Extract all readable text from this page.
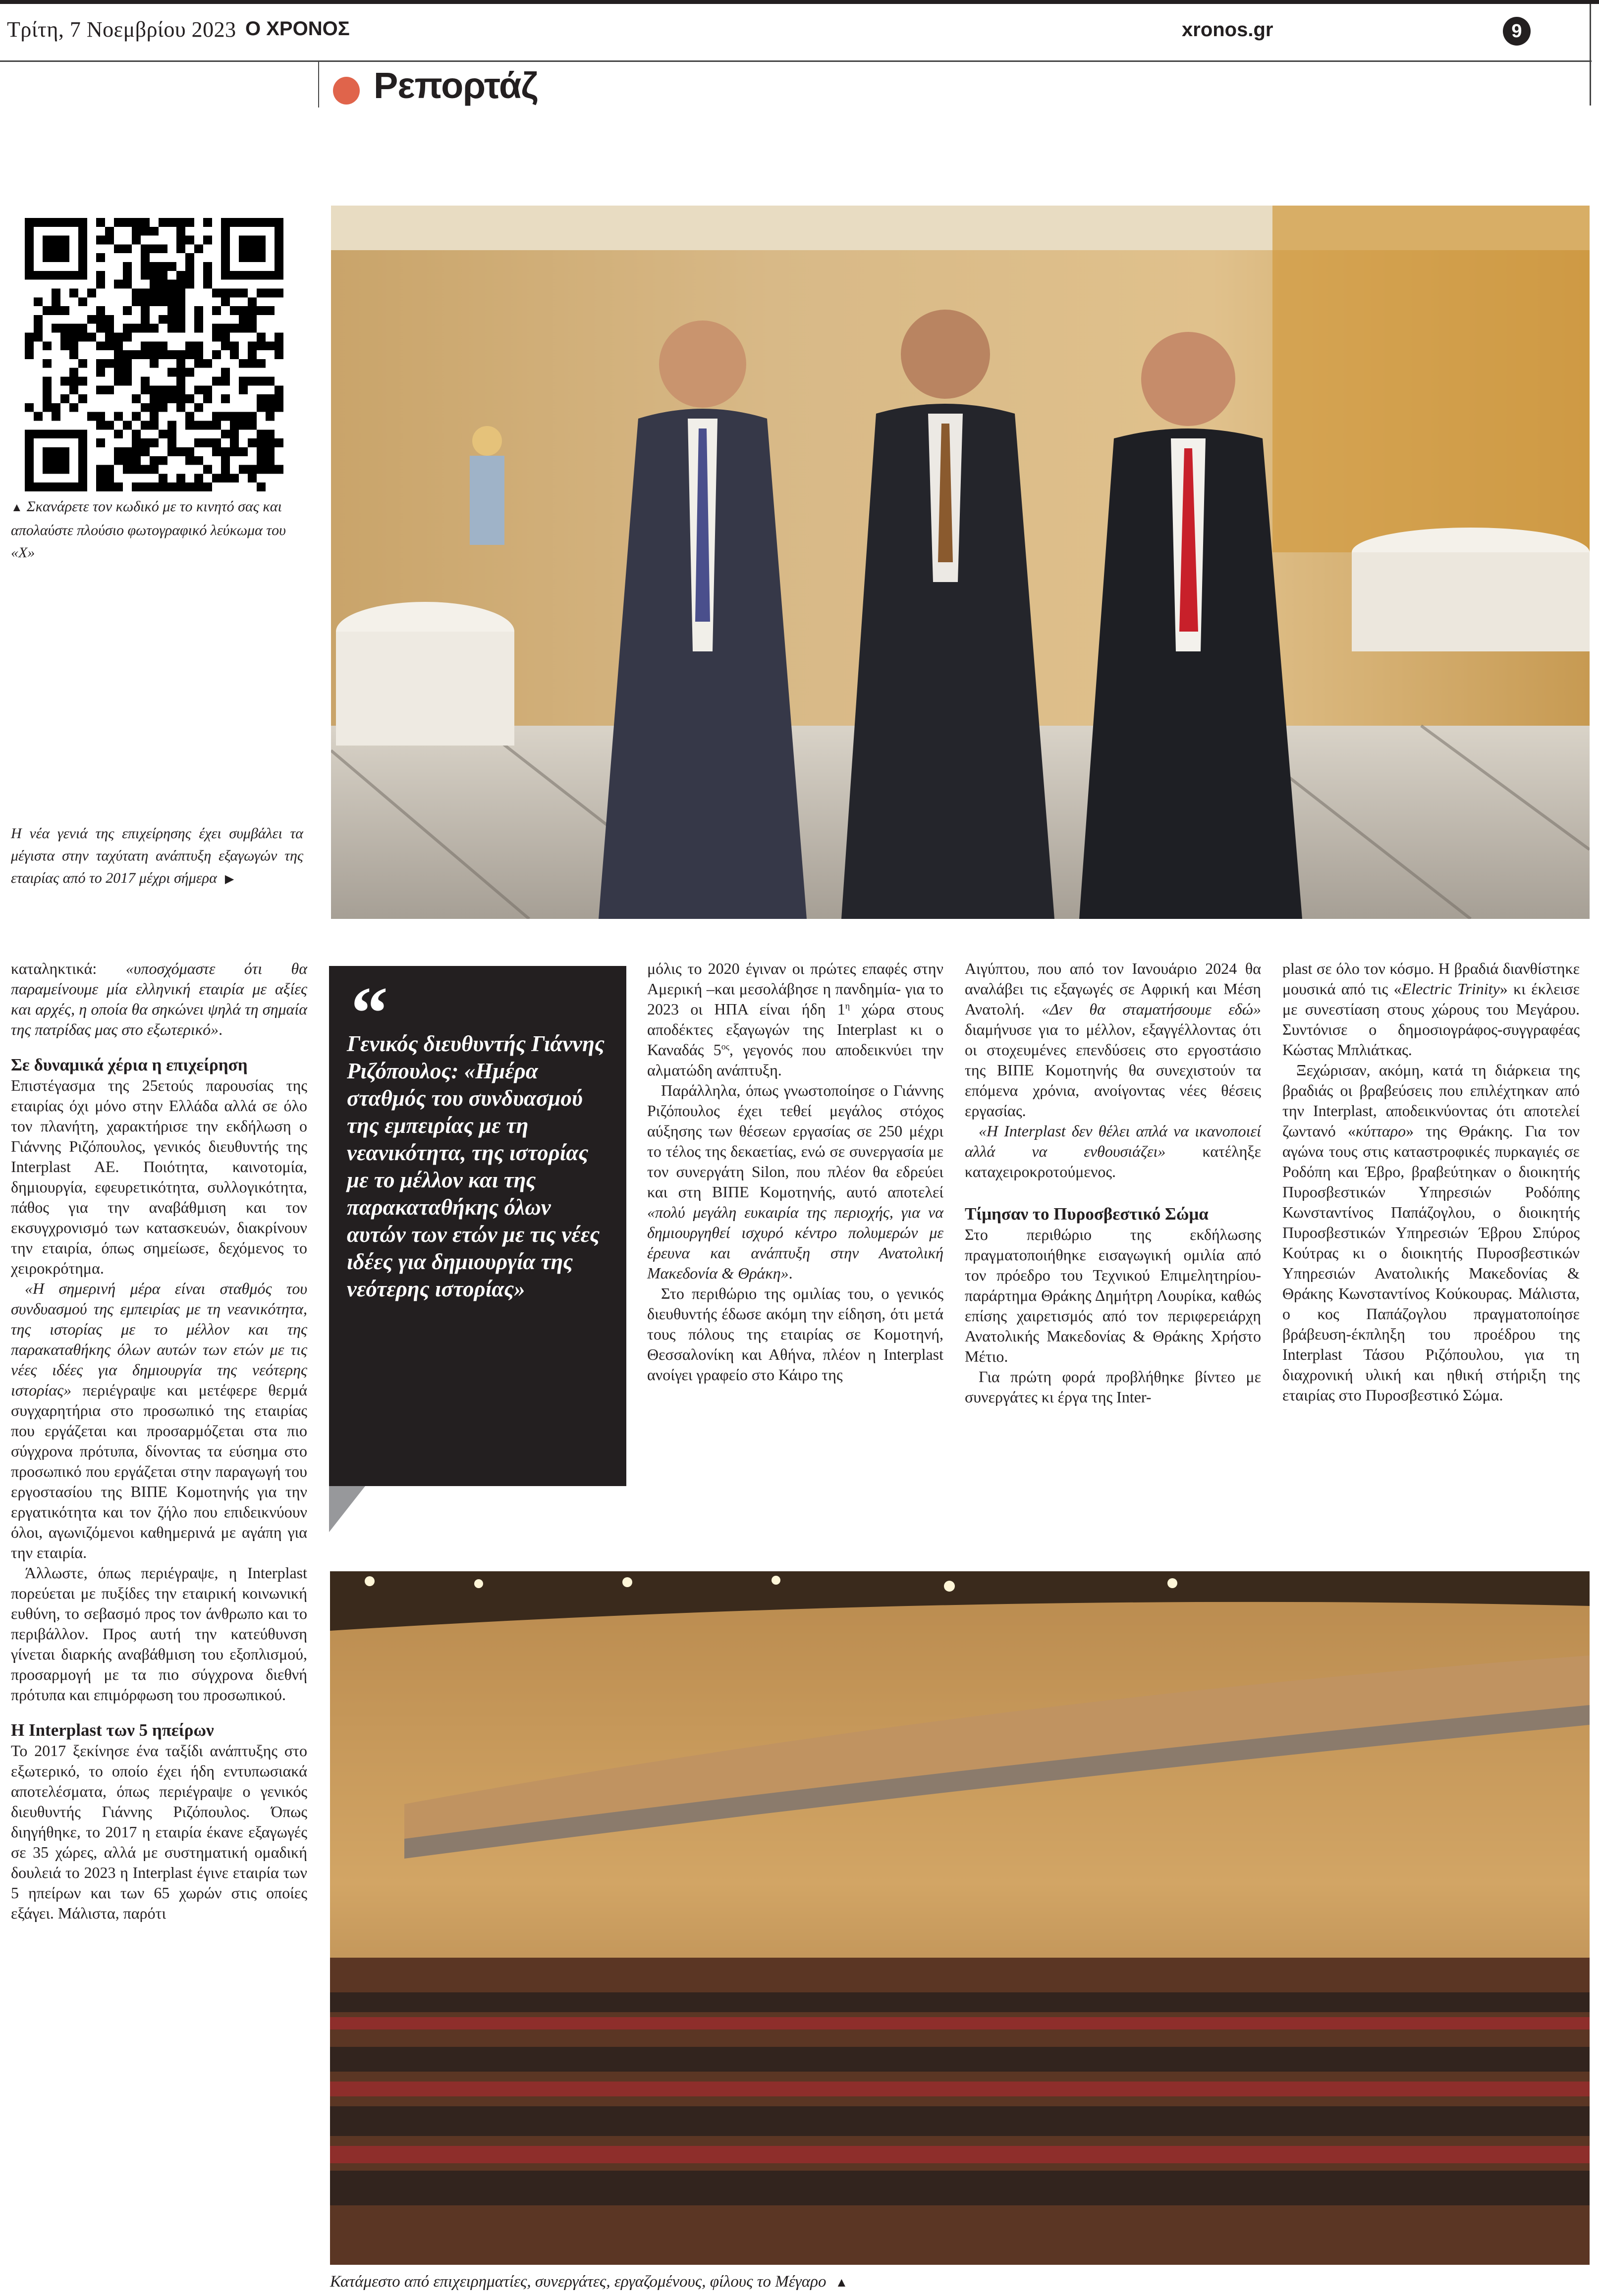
Τρίτη, 7 Νοεμβρίου 2023 Ο ΧΡΟΝΟΣ	xronos.gr	9
Ρεπορτάζ
▲ Σκανάρετε τον κωδικό με το κινητό σας και απολαύστε πλούσιο φωτογραφικό λεύκωμα του «Χ»
Η νέα γενιά της επιχείρησης έχει συμβάλει τα μέγιστα στην ταχύτατη ανάπτυξη εξαγωγών της εταιρίας από το 2017 μέχρι σήμερα ▶

καταληκτικά: «υποσχόμαστε ότι θα παραμείνουμε μία ελληνική εταιρία με αξίες και αρχές, η οποία θα σηκώνει ψηλά τη σημαία της πατρίδας μας στο εξωτερικό».

Σε δυναμικά χέρια η επιχείρηση

Επιστέγασμα της 25ετούς παρουσίας της εταιρίας όχι μόνο στην Ελλάδα αλλά σε όλο τον πλανήτη, χαρακτήρισε την εκδήλωση ο Γιάννης Ριζόπουλος, γενικός διευθυντής της Interplast AE. Ποιότητα, καινοτομία, δημιουργία, εφευρετικότητα, συλλογικότητα, πάθος για την αναβάθμιση και τον εκσυγχρονισμό των κατασκευών, διακρίνουν την εταιρία, όπως σημείωσε, δεχόμενος το χειροκρότημα.

«Η σημερινή μέρα είναι σταθμός του συνδυασμού της εμπειρίας με τη νεανικότητα, της ιστορίας με το μέλλον και της παρακαταθήκης όλων αυτών των ετών με τις νέες ιδέες για δημιουργία της νεότερης ιστορίας» περιέγραψε και μετέφερε θερμά συγχαρητήρια στο προσωπικό της εταιρίας που εργάζεται και προσαρμόζεται στα πιο σύγχρονα πρότυπα, δίνοντας τα εύσημα στο προσωπικό που εργάζεται στην παραγωγή του εργοστασίου της ΒΙΠΕ Κομοτηνής για την εργατικότητα και τον ζήλο που επιδεικνύουν όλοι, αγωνιζόμενοι καθημερινά με αγάπη για την εταιρία.

Άλλωστε, όπως περιέγραψε, η Interplast πορεύεται με πυξίδες την εταιρική κοινωνική ευθύνη, το σεβασμό προς τον άνθρωπο και το περιβάλλον. Προς αυτή την κατεύθυνση γίνεται διαρκής αναβάθμιση του εξοπλισμού, προσαρμογή με τα πιο σύγχρονα διεθνή πρότυπα και επιμόρφωση του προσωπικού.

Η Interplast των 5 ηπείρων

Το 2017 ξεκίνησε ένα ταξίδι ανάπτυξης στο εξωτερικό, το οποίο έχει ήδη εντυπωσιακά αποτελέσματα, όπως περιέγραψε ο γενικός διευθυντής Γιάννης Ριζόπουλος. Όπως διηγήθηκε, το 2017 η εταιρία έκανε εξαγωγές σε 35 χώρες, αλλά με συστηματική ομαδική δουλειά το 2023 η Interplast έγινε εταιρία των 5 ηπείρων και των 65 χωρών στις οποίες εξάγει. Μάλιστα, παρότι

“
Γενικός διευθυντής Γιάννης Ριζόπουλος: «Ημέρα σταθμός του συνδυασμού της εμπειρίας με τη νεανικότητα, της ιστορίας με το μέλλον και της παρακαταθήκης όλων αυτών των ετών με τις νέες ιδέες για δημιουργία της νεότερης ιστορίας»

μόλις το 2020 έγιναν οι πρώτες επαφές στην Αμερική –και μεσολάβησε η πανδημία- για το 2023 οι ΗΠΑ είναι ήδη $1^\eta$ χώρα στους αποδέκτες εξαγωγών της Interplast κι ο Καναδάς $5^{o\varsigma}$, γεγονός που αποδεικνύει την αλματώδη ανάπτυξη.

Παράλληλα, όπως γνωστοποίησε ο Γιάννης Ριζόπουλος έχει τεθεί μεγάλος στόχος αύξησης των θέσεων εργασίας σε 250 μέχρι το τέλος της δεκαετίας, ενώ σε συνεργασία με τον συνεργάτη Silon, που πλέον θα εδρεύει και στη ΒΙΠΕ Κομοτηνής, αυτό αποτελεί «πολύ μεγάλη ευκαιρία της περιοχής, για να δημιουργηθεί ισχυρό κέντρο πολυμερών με έρευνα και ανάπτυξη στην Ανατολική Μακεδονία & Θράκη».

Στο περιθώριο της ομιλίας του, ο γενικός διευθυντής έδωσε ακόμη την είδηση, ότι μετά τους πόλους της εταιρίας σε Κομοτηνή, Θεσσαλονίκη και Αθήνα, πλέον η Interplast ανοίγει γραφείο στο Κάιρο της

Αιγύπτου, που από τον Ιανουάριο 2024 θα αναλάβει τις εξαγωγές σε Αφρική και Μέση Ανατολή. «Δεν θα σταματήσουμε εδώ» διαμήνυσε για το μέλλον, εξαγγέλλοντας ότι οι στοχευμένες επενδύσεις στο εργοστάσιο της ΒΙΠΕ Κομοτηνής θα συνεχιστούν τα επόμενα χρόνια, ανοίγοντας νέες θέσεις εργασίας.

«Η Interplast δεν θέλει απλά να ικανοποιεί αλλά να ενθουσιάζει» κατέληξε καταχειροκροτούμενος.

Τίμησαν το Πυροσβεστικό Σώμα

Στο περιθώριο της εκδήλωσης πραγματοποιήθηκε εισαγωγική ομιλία από τον πρόεδρο του Τεχνικού Επιμελητηρίου-παράρτημα Θράκης Δημήτρη Λουρίκα, καθώς επίσης χαιρετισμός από τον περιφερειάρχη Ανατολικής Μακεδονίας & Θράκης Χρήστο Μέτιο.

Για πρώτη φορά προβλήθηκε βίντεο με συνεργάτες κι έργα της Inter-

plast σε όλο τον κόσμο. Η βραδιά διανθίστηκε μουσικά από τις «Electric Trinity» κι έκλεισε με συνεστίαση στους χώρους του Μεγάρου. Συντόνισε ο δημοσιογράφος-συγγραφέας Κώστας Μπλιάτκας.

Ξεχώρισαν, ακόμη, κατά τη διάρκεια της βραδιάς οι βραβεύσεις που επιλέχτηκαν από την Interplast, αποδεικνύοντας ότι αποτελεί ζωντανό «κύτταρο» της Θράκης. Για τον αγώνα τους στις καταστροφικές πυρκαγιές σε Ροδόπη και Έβρο, βραβεύτηκαν ο διοικητής Πυροσβεστικών Υπηρεσιών Ροδόπης Κωνσταντίνος Παπάζογλου, ο διοικητής Πυροσβεστικών Υπηρεσιών Έβρου Σπύρος Κούτρας κι ο διοικητής Πυροσβεστικών Υπηρεσιών Ανατολικής Μακεδονίας & Θράκης Κωνσταντίνος Κούκουρας. Μάλιστα, ο κος Παπάζογλου πραγματοποίησε βράβευση-έκπληξη του προέδρου της Interplast Τάσου Ριζόπουλου, για τη διαχρονική υλική και ηθική στήριξη της εταιρίας στο Πυροσβεστικό Σώμα.

Κατάμεστο από επιχειρηματίες, συνεργάτες, εργαζομένους, φίλους το Μέγαρο ▲
